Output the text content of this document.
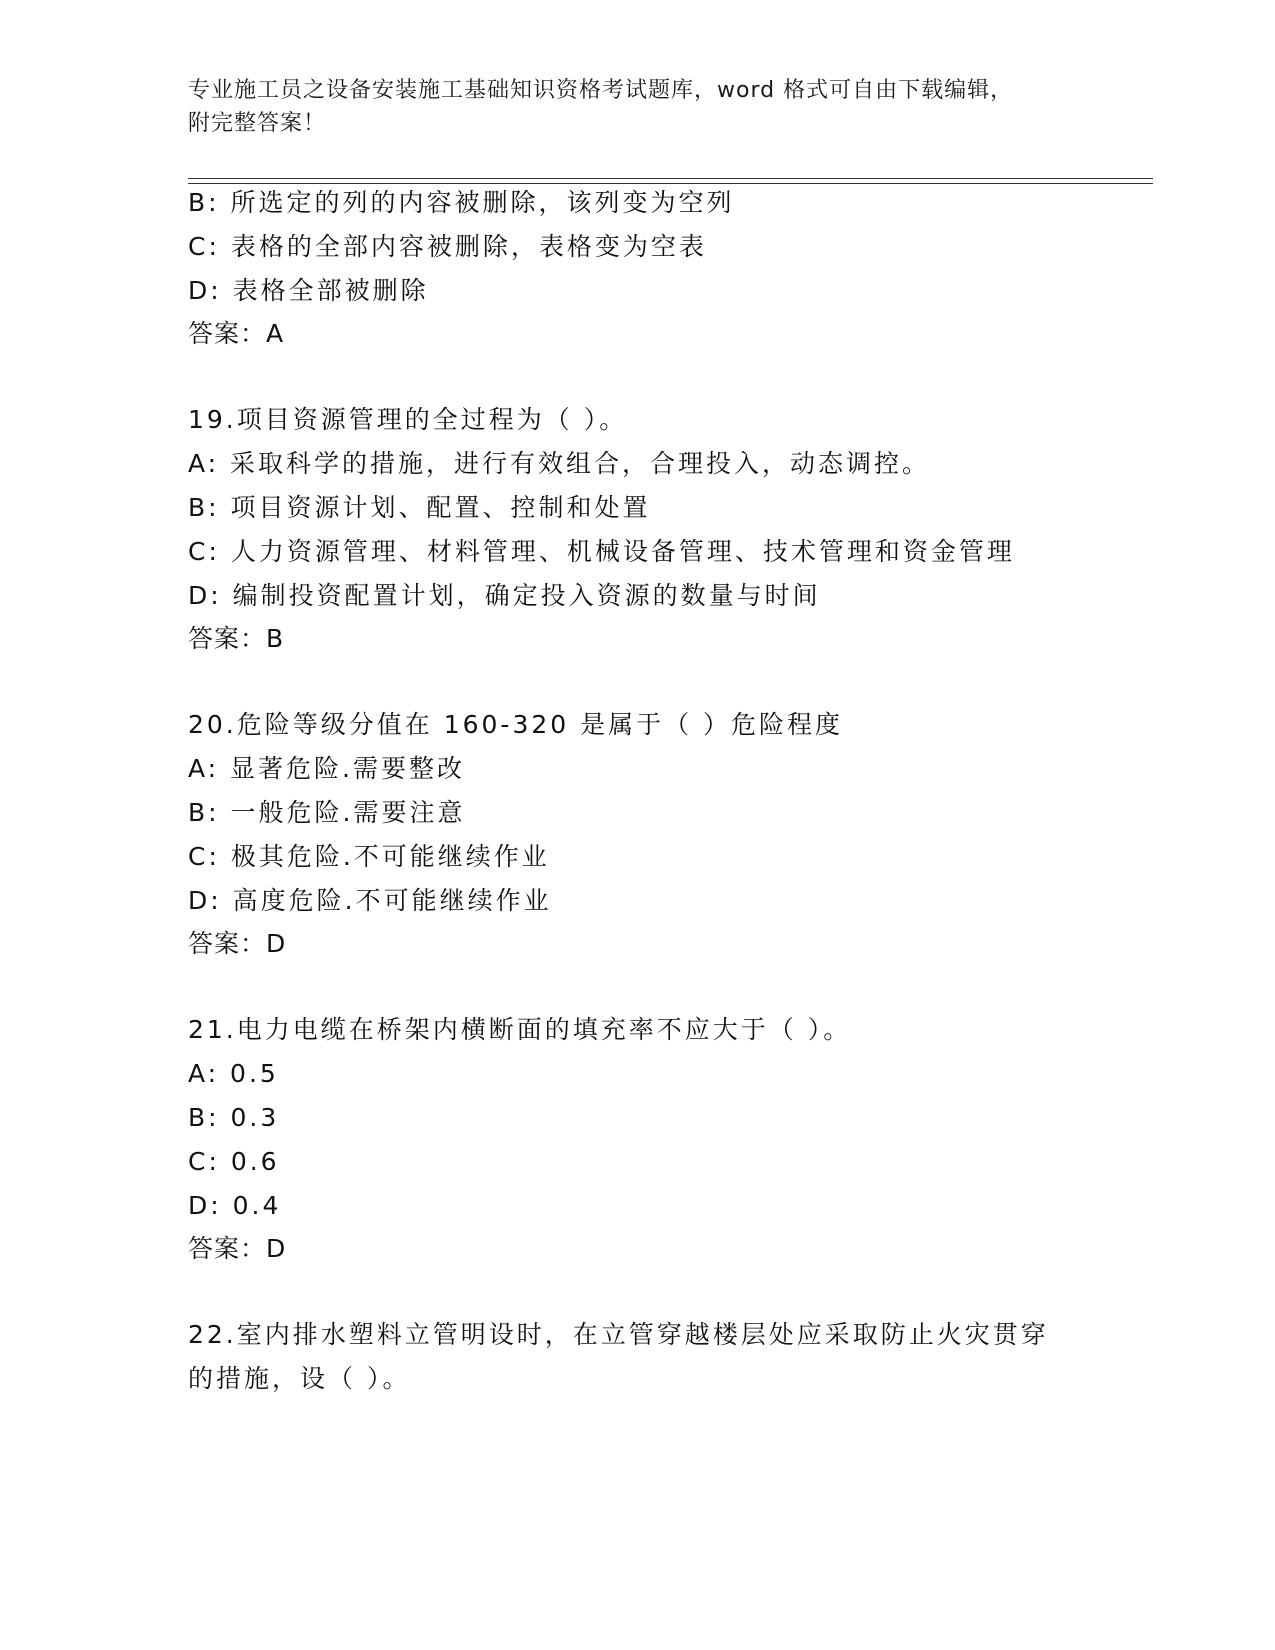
专业施工员之设备安装施工基础知识资格考试题库，word 格式可自由下载编辑，
附完整答案！
B: 所选定的列的内容被删除，该列变为空列
C: 表格的全部内容被删除，表格变为空表
D: 表格全部被删除
答案：A
19.项目资源管理的全过程为（ ）。
A: 采取科学的措施，进行有效组合，合理投入，动态调控。
B: 项目资源计划、配置、控制和处置
C: 人力资源管理、材料管理、机械设备管理、技术管理和资金管理
D: 编制投资配置计划，确定投入资源的数量与时间
答案：B
20.危险等级分值在 160-320 是属于（ ）危险程度
A: 显著危险.需要整改
B: 一般危险.需要注意
C: 极其危险.不可能继续作业
D: 高度危险.不可能继续作业
答案：D
21.电力电缆在桥架内横断面的填充率不应大于（ ）。
A: 0.5
B: 0.3
C: 0.6
D: 0.4
答案：D
22.室内排水塑料立管明设时，在立管穿越楼层处应采取防止火灾贯穿
的措施，设（ ）。
